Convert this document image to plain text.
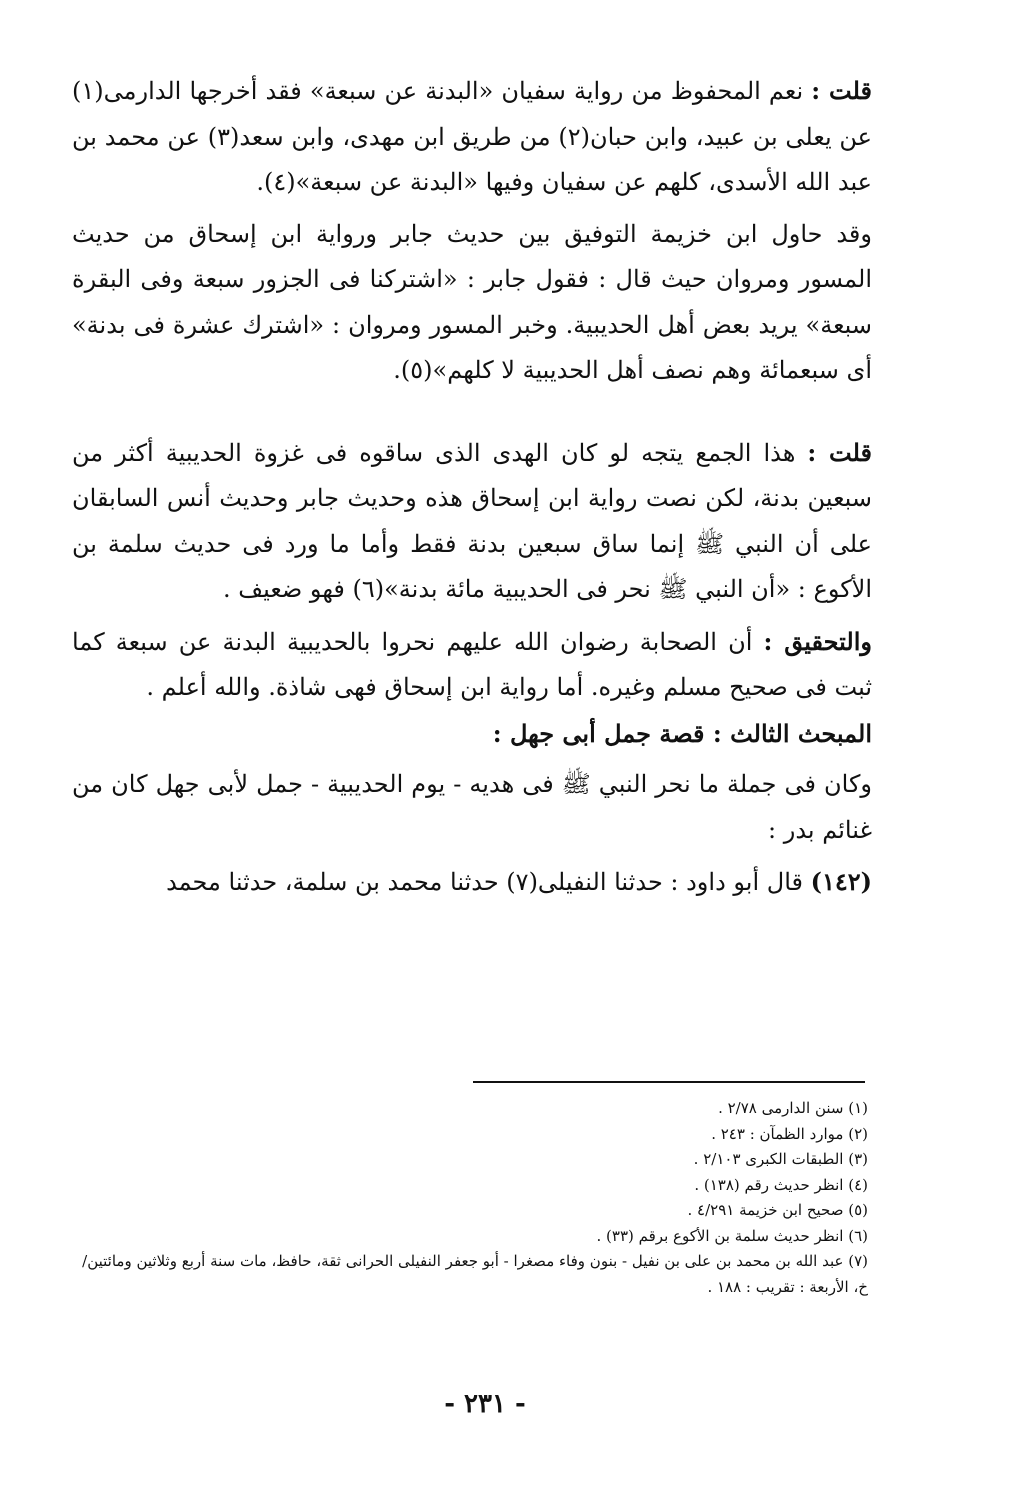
قلت : نعم المحفوظ من رواية سفيان «البدنة عن سبعة» فقد أخرجها الدارمى(١) عن يعلى بن عبيد، وابن حبان(٢) من طريق ابن مهدى، وابن سعد(٣) عن محمد بن عبد الله الأسدى، كلهم عن سفيان وفيها «البدنة عن سبعة»(٤).

وقد حاول ابن خزيمة التوفيق بين حديث جابر ورواية ابن إسحاق من حديث المسور ومروان حيث قال : فقول جابر : «اشتركنا فى الجزور سبعة وفى البقرة سبعة» يريد بعض أهل الحديبية. وخبر المسور ومروان : «اشترك عشرة فى بدنة» أى سبعمائة وهم نصف أهل الحديبية لا كلهم»(٥).

قلت : هذا الجمع يتجه لو كان الهدى الذى ساقوه فى غزوة الحديبية أكثر من سبعين بدنة، لكن نصت رواية ابن إسحاق هذه وحديث جابر وحديث أنس السابقان على أن النبي ﷺ إنما ساق سبعين بدنة فقط وأما ما ورد فى حديث سلمة بن الأكوع : «أن النبي ﷺ نحر فى الحديبية مائة بدنة»(٦) فهو ضعيف .

والتحقيق : أن الصحابة رضوان الله عليهم نحروا بالحديبية البدنة عن سبعة كما ثبت فى صحيح مسلم وغيره. أما رواية ابن إسحاق فهى شاذة. والله أعلم .

المبحث الثالث : قصة جمل أبى جهل :

وكان فى جملة ما نحر النبي ﷺ فى هديه - يوم الحديبية - جمل لأبى جهل كان من غنائم بدر :

(١٤٢) قال أبو داود : حدثنا النفيلى(٧) حدثنا محمد بن سلمة، حدثنا محمد

(١) سنن الدارمى ٢/٧٨ .

(٢) موارد الظمآن : ٢٤٣ .

(٣) الطبقات الكبرى ٢/١٠٣ .

(٤) انظر حديث رقم (١٣٨) .

(٥) صحيح ابن خزيمة ٤/٢٩١ .

(٦) انظر حديث سلمة بن الأكوع برقم (٣٣) .

(٧) عبد الله بن محمد بن على بن نفيل - بنون وفاء مصغرا - أبو جعفر النفيلى الحرانى ثقة، حافظ، مات سنة أربع وثلاثين ومائتين/ خ، الأربعة : تقريب : ١٨٨ .

- ٢٣١ -
